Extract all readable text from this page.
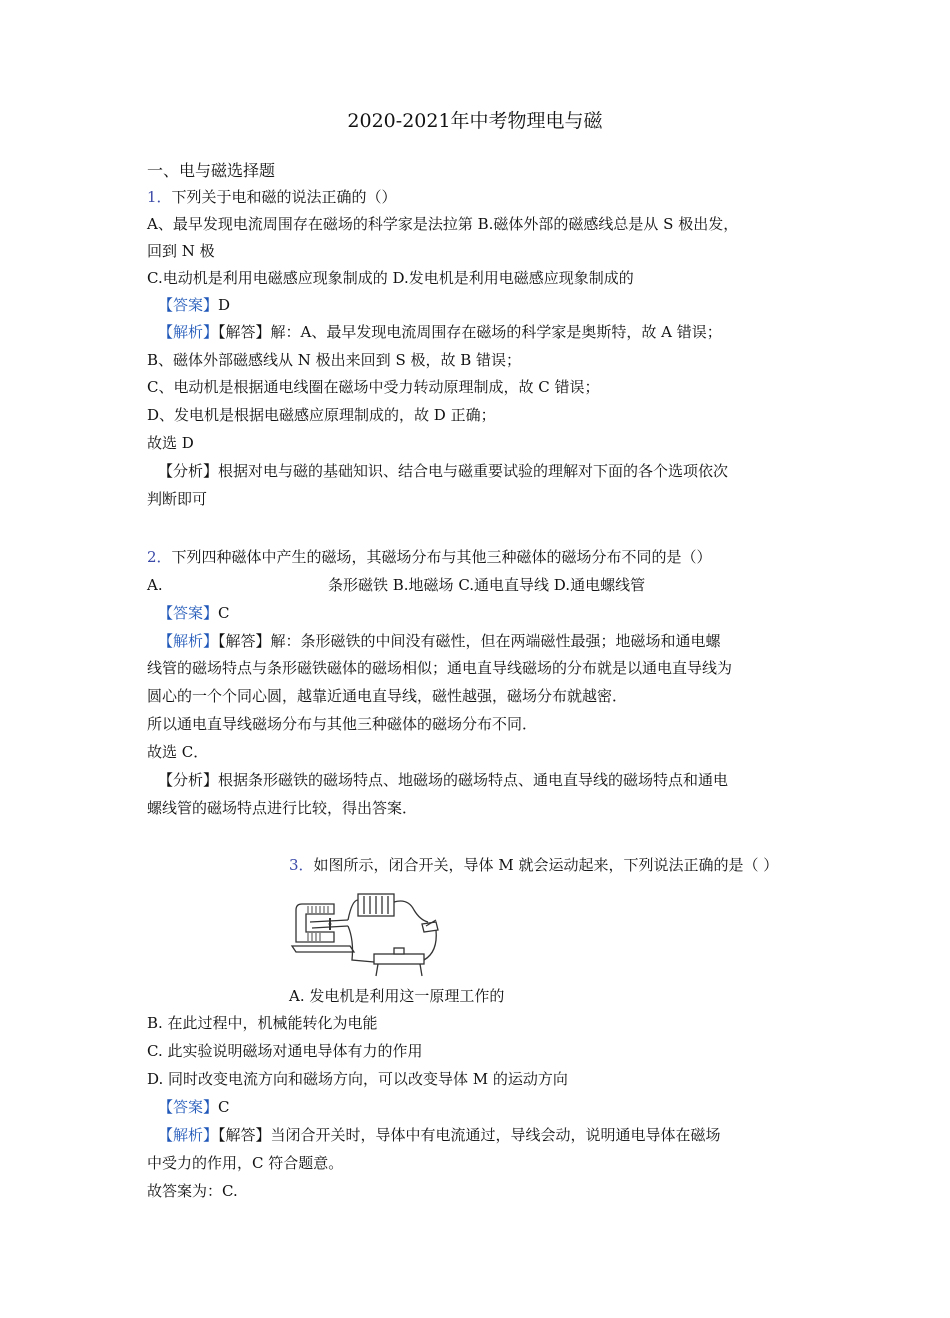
2020-2021年中考物理电与磁
一、电与磁选择题
1．下列关于电和磁的说法正确的（）
A、最早发现电流周围存在磁场的科学家是法拉第 B.磁体外部的磁感线总是从 S 极出发，
回到 N 极
C.电动机是利用电磁感应现象制成的 D.发电机是利用电磁感应现象制成的
【答案】D
【解析】【解答】解：A、最早发现电流周围存在磁场的科学家是奥斯特，故 A 错误；
B、磁体外部磁感线从 N 极出来回到 S 极，故 B 错误；
C、电动机是根据通电线圈在磁场中受力转动原理制成，故 C 错误；
D、发电机是根据电磁感应原理制成的，故 D 正确；
故选 D
【分析】根据对电与磁的基础知识、结合电与磁重要试验的理解对下面的各个选项依次
判断即可
2．下列四种磁体中产生的磁场，其磁场分布与其他三种磁体的磁场分布不同的是（）
A.	条形磁铁 B.地磁场 C.通电直导线 D.通电螺线管
【答案】C
【解析】【解答】解：条形磁铁的中间没有磁性，但在两端磁性最强；地磁场和通电螺
线管的磁场特点与条形磁铁磁体的磁场相似；通电直导线磁场的分布就是以通电直导线为
圆心的一个个同心圆，越靠近通电直导线，磁性越强，磁场分布就越密．
所以通电直导线磁场分布与其他三种磁体的磁场分布不同．
故选 C．
【分析】根据条形磁铁的磁场特点、地磁场的磁场特点、通电直导线的磁场特点和通电
螺线管的磁场特点进行比较，得出答案．
3．如图所示，闭合开关，导体 M 就会运动起来，下列说法正确的是（ ）
A. 发电机是利用这一原理工作的
B. 在此过程中，机械能转化为电能
C. 此实验说明磁场对通电导体有力的作用
D. 同时改变电流方向和磁场方向，可以改变导体 M 的运动方向
【答案】C
【解析】【解答】当闭合开关时，导体中有电流通过，导线会动，说明通电导体在磁场
中受力的作用，C 符合题意。
故答案为：C.
